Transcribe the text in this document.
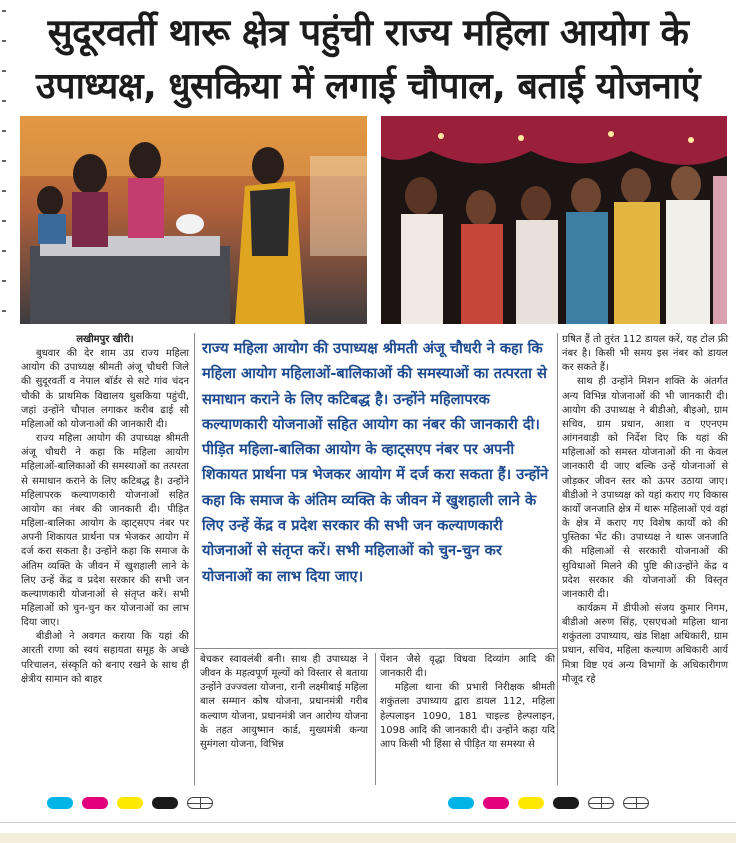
सुदूरवर्ती थारू क्षेत्र पहुंची राज्य महिला आयोग के
उपाध्यक्ष, धुसकिया में लगाई चौपाल, बताई योजनाएं

लखीमपुर खीरी।

बुधवार की देर शाम उप्र राज्य महिला आयोग की उपाध्यक्ष श्रीमती अंजू चौधरी जिले की सुदूरवर्ती व नेपाल बॉर्डर से सटे गांव चंदन चौकी के प्राथमिक विद्यालय धुसकिया पहुंची, जहां उन्होंने चौपाल लगाकर करीब ढाई सौ महिलाओं को योजनाओं की जानकारी दी।

राज्य महिला आयोग की उपाध्यक्ष श्रीमती अंजू चौधरी ने कहा कि महिला आयोग महिलाओं-बालिकाओं की समस्याओं का तत्परता से समाधान कराने के लिए कटिबद्ध है। उन्होंने महिलापरक कल्याणकारी योजनाओं सहित आयोग का नंबर की जानकारी दी। पीड़ित महिला-बालिका आयोग के व्हाट्सएप नंबर पर अपनी शिकायत प्रार्थना पत्र भेजकर आयोग में दर्ज करा सकता है। उन्होंने कहा कि समाज के अंतिम व्यक्ति के जीवन में खुशहाली लाने के लिए उन्हें केंद्र व प्रदेश सरकार की सभी जन कल्याणकारी योजनाओं से संतृप्त करें। सभी महिलाओं को चुन-चुन कर योजनाओं का लाभ दिया जाए।

बीडीओ ने अवगत कराया कि यहां की आरती राणा को स्वयं सहायता समूह के अच्छे परिचालन, संस्कृति को बनाए रखने के साथ ही क्षेत्रीय सामान को बाहर

राज्य महिला आयोग की उपाध्यक्ष श्रीमती अंजू चौधरी ने कहा कि महिला आयोग महिलाओं-बालिकाओं की समस्याओं का तत्परता से समाधान कराने के लिए कटिबद्ध है। उन्होंने महिलापरक कल्याणकारी योजनाओं सहित आयोग का नंबर की जानकारी दी। पीड़ित महिला-बालिका आयोग के व्हाट्सएप नंबर पर अपनी शिकायत प्रार्थना पत्र भेजकर आयोग में दर्ज करा सकता हैं। उन्होंने कहा कि समाज के अंतिम व्यक्ति के जीवन में खुशहाली लाने के लिए उन्हें केंद्र व प्रदेश सरकार की सभी जन कल्याणकारी योजनाओं से संतृप्त करें। सभी महिलाओं को चुन-चुन कर योजनाओं का लाभ दिया जाए।

बेचकर स्वावलंबी बनी। साथ ही उपाध्यक्ष ने जीवन के महत्वपूर्ण मूल्यों को विस्तार से बताया उन्होंने उज्ज्वला योजना, रानी लक्ष्मीबाई महिला बाल सम्मान कोष योजना, प्रधानमंत्री गरीब कल्याण योजना, प्रधानमंत्री जन आरोग्य योजना के तहत आयुष्मान कार्ड, मुख्यमंत्री कन्या सुमंगला योजना, विभिन्न

पेंशन जैसे वृद्धा विधवा दिव्यांग आदि की जानकारी दी।

महिला थाना की प्रभारी निरीक्षक श्रीमती शकुंतला उपाध्याय द्वारा डायल 112, महिला हेल्पलाइन 1090, 181 चाइल्ड हेल्पलाइन, 1098 आदि की जानकारी दी। उन्होंने कहा यदि आप किसी भी हिंसा से पीड़ित या समस्या से

ग्रषित हैं तो तुरंत 112 डायल करें, यह टोल फ्री नंबर है। किसी भी समय इस नंबर को डायल कर सकते हैं।

साथ ही उन्होंने मिशन शक्ति के अंतर्गत अन्य विभिन्न योजनाओं की भी जानकारी दी। आयोग की उपाध्यक्ष ने बीडीओ, बीइओ, ग्राम सचिव, ग्राम प्रधान, आशा व एएनएम आंगनवाड़ी को निर्देश दिए कि यहां की महिलाओं को समस्त योजनाओं की ना केवल जानकारी दी जाए बल्कि उन्हें योजनाओं से जोड़कर जीवन स्तर को ऊपर उठाया जाए। बीडीओ ने उपाध्यक्ष को यहां कराए गए विकास कार्यों जनजाति क्षेत्र में थारू महिलाओं एवं वहां के क्षेत्र में कराए गए विशेष कार्यों को की पुस्तिका भेंट की। उपाध्यक्ष ने थारू जनजाति की महिलाओं से सरकारी योजनाओं की सुविधाओं मिलने की पुष्टि की।उन्होंने केंद्र व प्रदेश सरकार की योजनाओं की विस्तृत जानकारी दी।

कार्यक्रम में डीपीओ संजय कुमार निगम, बीडीओ अरुण सिंह, एसएचओ महिला थाना शकुंतला उपाध्याय, खंड शिक्षा अधिकारी, ग्राम प्रधान, सचिव, महिला कल्याण अधिकारी आर्य मित्रा विष्ट एवं अन्य विभागों के अधिकारीगण मौजूद रहे
